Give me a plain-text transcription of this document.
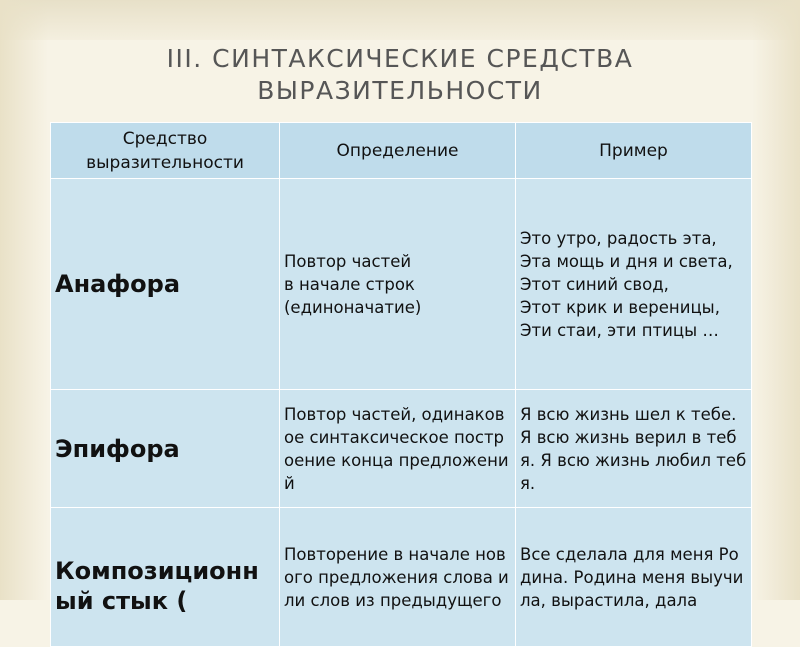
III. СИНТАКСИЧЕСКИЕ СРЕДСТВА
ВЫРАЗИТЕЛЬНОСТИ
Средство выразительности	Определение	Пример

Анафора	Повтор частей
в начале строк
(единоначатие)	Это утро, радость эта,
Эта мощь и дня и света,
Этот синий свод,
Этот крик и вереницы,
Эти стаи, эти птицы …

Эпифора	Повтор частей, одинаковое синтаксическое построение конца предложений	Я всю жизнь шел к тебе. Я всю жизнь верил в тебя. Я всю жизнь любил тебя.

Композиционный стык (	Повторение в начале нового предложения слова или слов из предыдущего	Все сделала для меня Родина. Родина меня выучила, вырастила, дала
